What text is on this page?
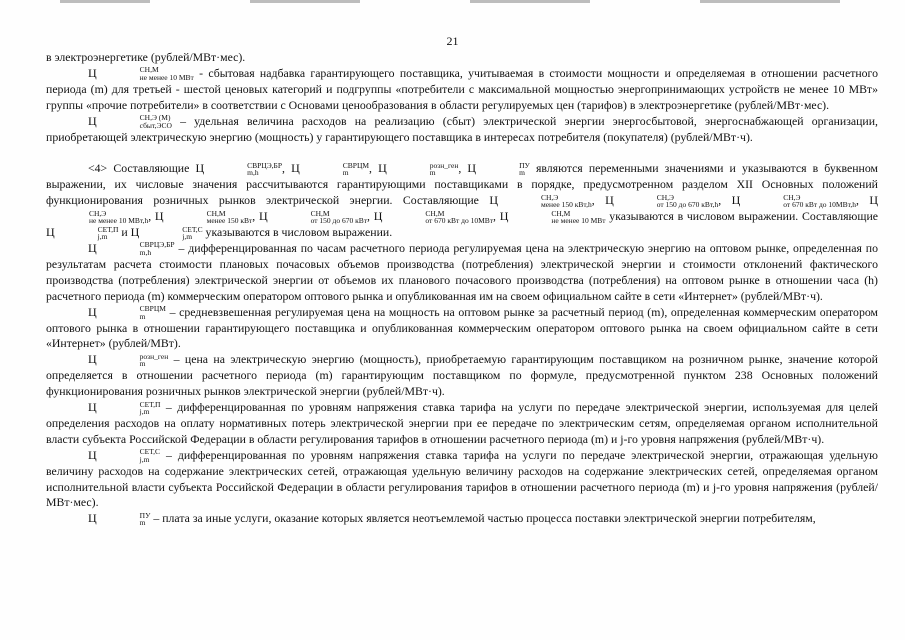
21

в электроэнергетике (рублей/МВт·мес).

Ц	СН,М
не менее 10 МВт - сбытовая надбавка гарантирующего поставщика, учитываемая в стоимости мощности и определяемая в отношении расчетного периода (m) для третьей - шестой ценовых категорий и подгруппы «потребители с максимальной мощностью энергопринимающих устройств не менее 10 МВт» группы «прочие потребители» в соответствии с Основами ценообразования в области регулируемых цен (тарифов) в электроэнергетике (рублей/МВт·мес).

Ц	СН,Э (М)
сбыт,ЭСО – удельная величина расходов на реализацию (сбыт) электрической энергии энергосбытовой, энергоснабжающей организации, приобретающей электрическую энергию (мощность) у гарантирующего поставщика в интересах потребителя (покупателя) (рублей/МВт·ч).

<4> Составляющие Ц	СВРЦЭ,БР
m,h	, Ц	СВРЦМ
m	, Ц	розн_ген
m	, Ц	ПУ
m являются переменными значениями и указываются в буквенном выражении, их числовые значения рассчитываются гарантирующими поставщиками в порядке, предусмотренном разделом XII Основных положений функционирования розничных рынков электрической энергии. Составляющие Ц	СН,Э
менее 150 кВт,h , Ц	СН,Э
от 150 до 670 кВт,h , Ц	СН,Э
от 670 кВт до 10МВт,h , Ц
СН,Э
не менее 10 МВт,h , Ц	СН,М
менее 150 кВт , Ц	СН,М
от 150 до 670 кВт , Ц	СН,М
от 670 кВт до 10МВт , Ц	СН,М
не менее 10 МВт указываются в числовом выражении. Составляющие Ц	СЕТ,П
j,m	и Ц	СЕТ,С
j,m	указываются в числовом выражении.

Ц	СВРЦЭ,БР
m,h	– дифференцированная по часам расчетного периода регулируемая цена на электрическую энергию на оптовом рынке, определенная по результатам расчета стоимости плановых почасовых объемов производства (потребления) электрической энергии и стоимости отклонений фактического производства (потребления) электрической энергии от объемов их планового почасового производства (потребления) на оптовом рынке в отношении часа (h) расчетного периода (m) коммерческим оператором оптового рынка и опубликованная им на своем официальном сайте в сети «Интернет» (рублей/МВт·ч).

Ц	СВРЦМ
m	– средневзвешенная регулируемая цена на мощность на оптовом рынке за расчетный период (m), определенная коммерческим оператором оптового рынка в отношении гарантирующего поставщика и опубликованная коммерческим оператором оптового рынка на своем официальном сайте в сети «Интернет» (рублей/МВт).

Ц	розн_ген
m	– цена на электрическую энергию (мощность), приобретаемую гарантирующим поставщиком на розничном рынке, значение которой определяется в отношении расчетного периода (m) гарантирующим поставщиком по формуле, предусмотренной пунктом 238 Основных положений функционирования розничных рынков электрической энергии (рублей/МВт·ч).

Ц	СЕТ,П
j,m	– дифференцированная по уровням напряжения ставка тарифа на услуги по передаче электрической энергии, используемая для целей определения расходов на оплату нормативных потерь электрической энергии при ее передаче по электрическим сетям, определяемая органом исполнительной власти субъекта Российской Федерации в области регулирования тарифов в отношении расчетного периода (m) и j-го уровня напряжения (рублей/МВт·ч).

Ц	СЕТ,С
j,m	– дифференцированная по уровням напряжения ставка тарифа на услуги по передаче электрической энергии, отражающая удельную величину расходов на содержание электрических сетей, отражающая удельную величину расходов на содержание электрических сетей, определяемая органом исполнительной власти субъекта Российской Федерации в области регулирования тарифов в отношении расчетного периода (m) и j-го уровня напряжения (рублей/МВт·мес).

Ц	ПУ
m – плата за иные услуги, оказание которых является неотъемлемой частью процесса поставки электрической энергии потребителям,
